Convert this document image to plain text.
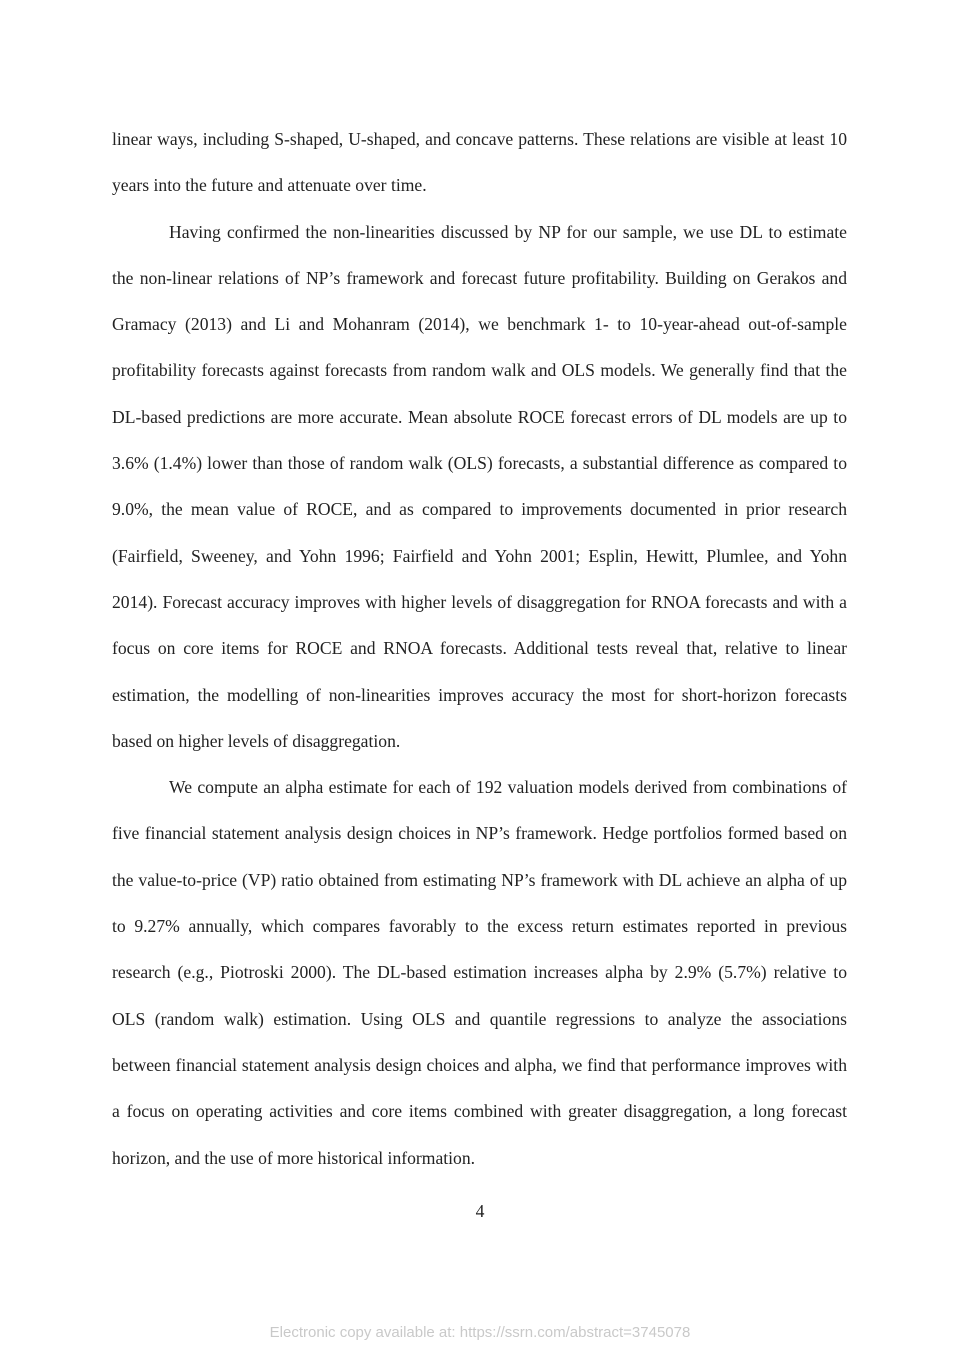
linear ways, including S-shaped, U-shaped, and concave patterns. These relations are visible at least 10 years into the future and attenuate over time.

Having confirmed the non-linearities discussed by NP for our sample, we use DL to estimate the non-linear relations of NP’s framework and forecast future profitability. Building on Gerakos and Gramacy (2013) and Li and Mohanram (2014), we benchmark 1- to 10-year-ahead out-of-sample profitability forecasts against forecasts from random walk and OLS models. We generally find that the DL-based predictions are more accurate. Mean absolute ROCE forecast errors of DL models are up to 3.6% (1.4%) lower than those of random walk (OLS) forecasts, a substantial difference as compared to 9.0%, the mean value of ROCE, and as compared to improvements documented in prior research (Fairfield, Sweeney, and Yohn 1996; Fairfield and Yohn 2001; Esplin, Hewitt, Plumlee, and Yohn 2014). Forecast accuracy improves with higher levels of disaggregation for RNOA forecasts and with a focus on core items for ROCE and RNOA forecasts. Additional tests reveal that, relative to linear estimation, the modelling of non-linearities improves accuracy the most for short-horizon forecasts based on higher levels of disaggregation.

We compute an alpha estimate for each of 192 valuation models derived from combinations of five financial statement analysis design choices in NP’s framework. Hedge portfolios formed based on the value-to-price (VP) ratio obtained from estimating NP’s framework with DL achieve an alpha of up to 9.27% annually, which compares favorably to the excess return estimates reported in previous research (e.g., Piotroski 2000). The DL-based estimation increases alpha by 2.9% (5.7%) relative to OLS (random walk) estimation. Using OLS and quantile regressions to analyze the associations between financial statement analysis design choices and alpha, we find that performance improves with a focus on operating activities and core items combined with greater disaggregation, a long forecast horizon, and the use of more historical information.

4
Electronic copy available at: https://ssrn.com/abstract=3745078
